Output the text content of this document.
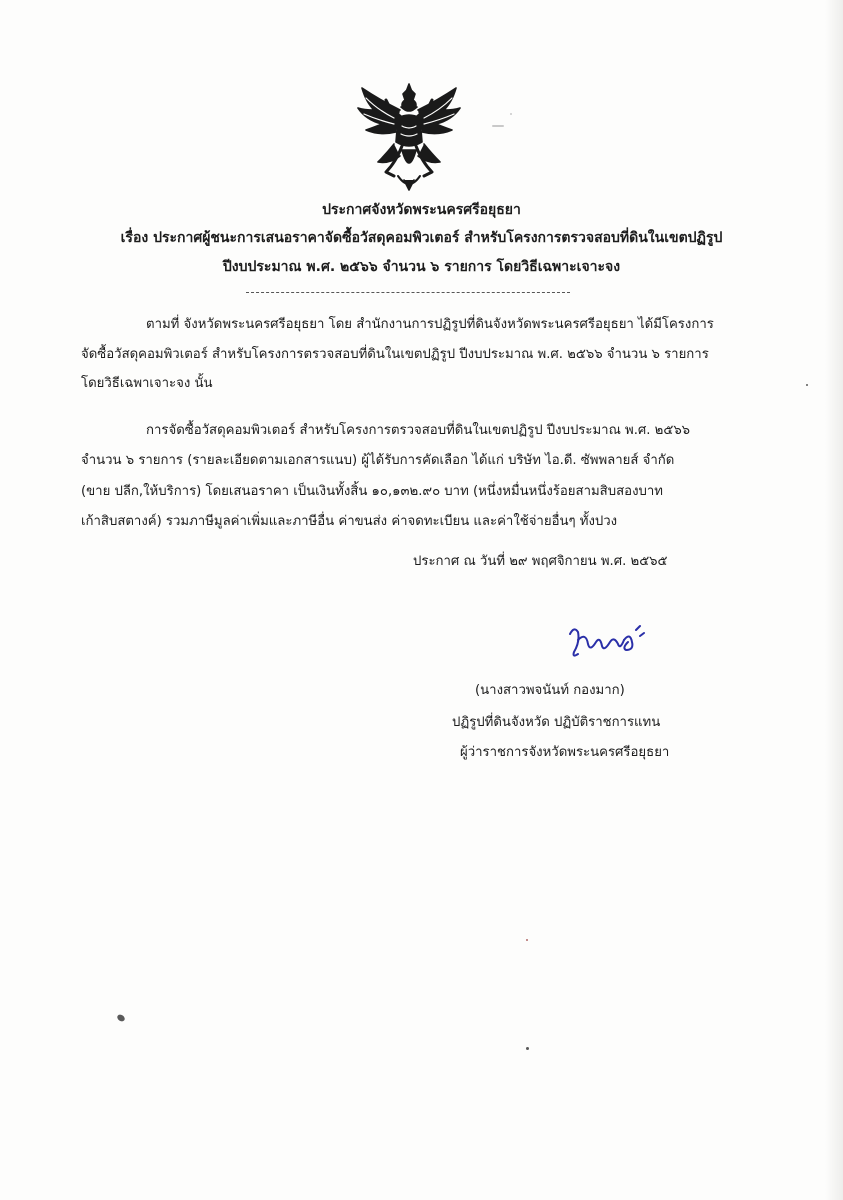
ประกาศจังหวัดพระนครศรีอยุธยา
เรื่อง ประกาศผู้ชนะการเสนอราคาจัดซื้อวัสดุคอมพิวเตอร์ สำหรับโครงการตรวจสอบที่ดินในเขตปฏิรูป
ปีงบประมาณ พ.ศ. ๒๕๖๖ จำนวน ๖ รายการ โดยวิธีเฉพาะเจาะจง
ตามที่ จังหวัดพระนครศรีอยุธยา โดย สำนักงานการปฏิรูปที่ดินจังหวัดพระนครศรีอยุธยา ได้มีโครงการ
จัดซื้อวัสดุคอมพิวเตอร์ สำหรับโครงการตรวจสอบที่ดินในเขตปฏิรูป ปีงบประมาณ พ.ศ. ๒๕๖๖ จำนวน ๖ รายการ
โดยวิธีเฉพาเจาะจง นั้น
การจัดซื้อวัสดุคอมพิวเตอร์ สำหรับโครงการตรวจสอบที่ดินในเขตปฏิรูป ปีงบประมาณ พ.ศ. ๒๕๖๖
จำนวน ๖ รายการ (รายละเอียดตามเอกสารแนบ) ผู้ได้รับการคัดเลือก ได้แก่ บริษัท ไอ.ดี. ซัพพลายส์ จำกัด
(ขาย ปลีก,ให้บริการ) โดยเสนอราคา เป็นเงินทั้งสิ้น ๑๐,๑๓๒.๙๐ บาท (หนึ่งหมื่นหนึ่งร้อยสามสิบสองบาท
เก้าสิบสตางค์) รวมภาษีมูลค่าเพิ่มและภาษีอื่น ค่าขนส่ง ค่าจดทะเบียน และค่าใช้จ่ายอื่นๆ ทั้งปวง
ประกาศ ณ วันที่ ๒๙ พฤศจิกายน พ.ศ. ๒๕๖๕
(นางสาวพจนันท์ กองมาก)
ปฏิรูปที่ดินจังหวัด ปฏิบัติราชการแทน
ผู้ว่าราชการจังหวัดพระนครศรีอยุธยา
